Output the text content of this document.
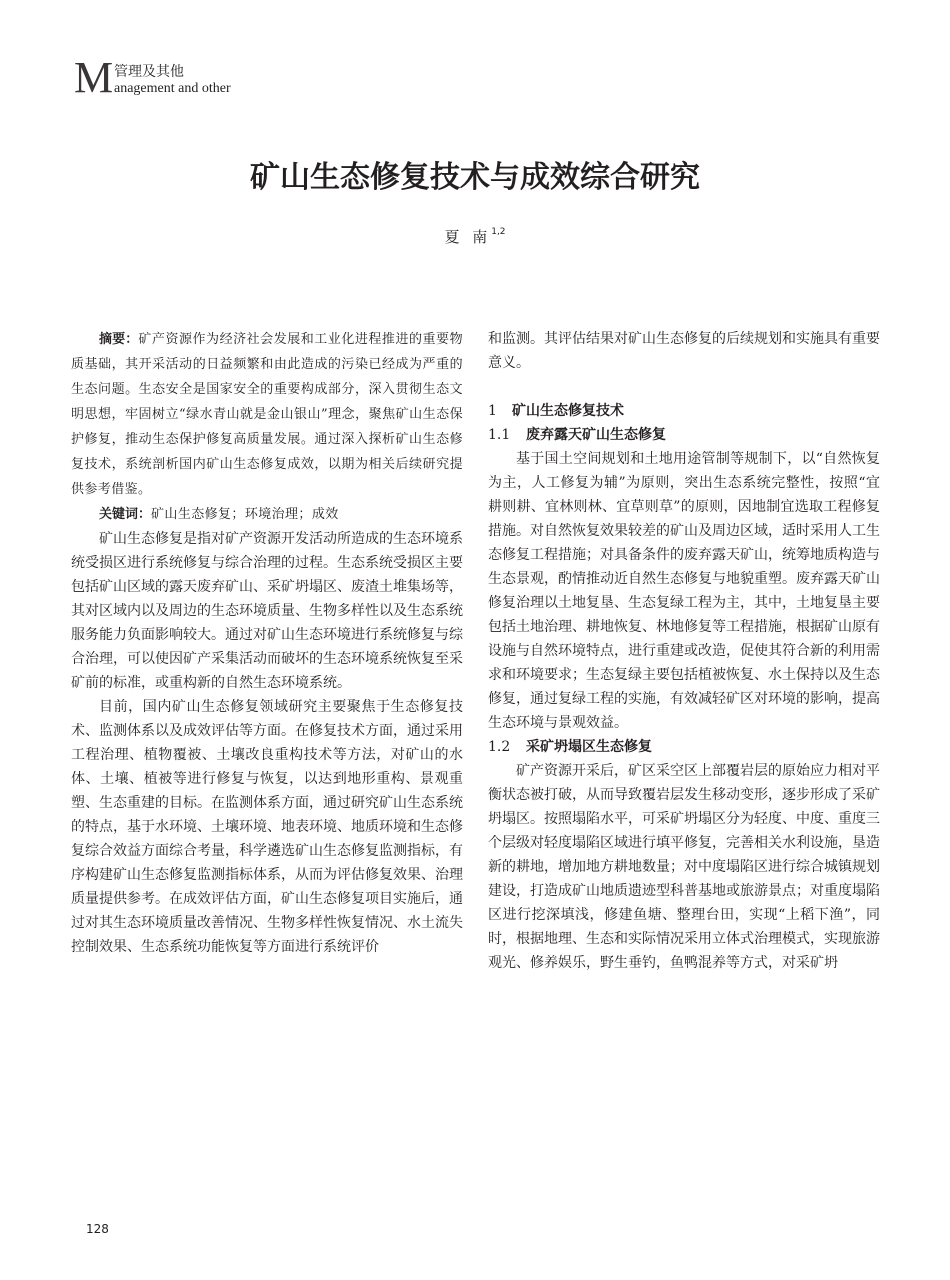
M 管理及其他
anagement and other
矿山生态修复技术与成效综合研究
夏 南$^{1,2}$

摘要：矿产资源作为经济社会发展和工业化进程推进的重要物质基础，其开采活动的日益频繁和由此造成的污染已经成为严重的生态问题。生态安全是国家安全的重要构成部分，深入贯彻生态文明思想，牢固树立“绿水青山就是金山银山”理念，聚焦矿山生态保护修复，推动生态保护修复高质量发展。通过深入探析矿山生态修复技术，系统剖析国内矿山生态修复成效，以期为相关后续研究提供参考借鉴。

关键词：矿山生态修复；环境治理；成效

矿山生态修复是指对矿产资源开发活动所造成的生态环境系统受损区进行系统修复与综合治理的过程。生态系统受损区主要包括矿山区域的露天废弃矿山、采矿坍塌区、废渣土堆集场等，其对区域内以及周边的生态环境质量、生物多样性以及生态系统服务能力负面影响较大。通过对矿山生态环境进行系统修复与综合治理，可以使因矿产采集活动而破坏的生态环境系统恢复至采矿前的标准，或重构新的自然生态环境系统。

目前，国内矿山生态修复领域研究主要聚焦于生态修复技术、监测体系以及成效评估等方面。在修复技术方面，通过采用工程治理、植物覆被、土壤改良重构技术等方法，对矿山的水体、土壤、植被等进行修复与恢复，以达到地形重构、景观重塑、生态重建的目标。在监测体系方面，通过研究矿山生态系统的特点，基于水环境、土壤环境、地表环境、地质环境和生态修复综合效益方面综合考量，科学遴选矿山生态修复监测指标，有序构建矿山生态修复监测指标体系，从而为评估修复效果、治理质量提供参考。在成效评估方面，矿山生态修复项目实施后，通过对其生态环境质量改善情况、生物多样性恢复情况、水土流失控制效果、生态系统功能恢复等方面进行系统评价

和监测。其评估结果对矿山生态修复的后续规划和实施具有重要意义。

1 矿山生态修复技术
1.1 废弃露天矿山生态修复

基于国土空间规划和土地用途管制等规制下，以“自然恢复为主，人工修复为辅”为原则，突出生态系统完整性，按照“宜耕则耕、宜林则林、宜草则草”的原则，因地制宜选取工程修复措施。对自然恢复效果较差的矿山及周边区域，适时采用人工生态修复工程措施；对具备条件的废弃露天矿山，统筹地质构造与生态景观，酌情推动近自然生态修复与地貌重塑。废弃露天矿山修复治理以土地复垦、生态复绿工程为主，其中，土地复垦主要包括土地治理、耕地恢复、林地修复等工程措施，根据矿山原有设施与自然环境特点，进行重建或改造，促使其符合新的利用需求和环境要求；生态复绿主要包括植被恢复、水土保持以及生态修复，通过复绿工程的实施，有效减轻矿区对环境的影响，提高生态环境与景观效益。

1.2 采矿坍塌区生态修复

矿产资源开采后，矿区采空区上部覆岩层的原始应力相对平衡状态被打破，从而导致覆岩层发生移动变形，逐步形成了采矿坍塌区。按照塌陷水平，可采矿坍塌区分为轻度、中度、重度三个层级对轻度塌陷区域进行填平修复，完善相关水利设施，垦造新的耕地，增加地方耕地数量；对中度塌陷区进行综合城镇规划建设，打造成矿山地质遗迹型科普基地或旅游景点；对重度塌陷区进行挖深填浅，修建鱼塘、整理台田，实现“上稻下渔”，同时，根据地理、生态和实际情况采用立体式治理模式，实现旅游观光、修养娱乐，野生垂钓，鱼鸭混养等方式，对采矿坍

128
